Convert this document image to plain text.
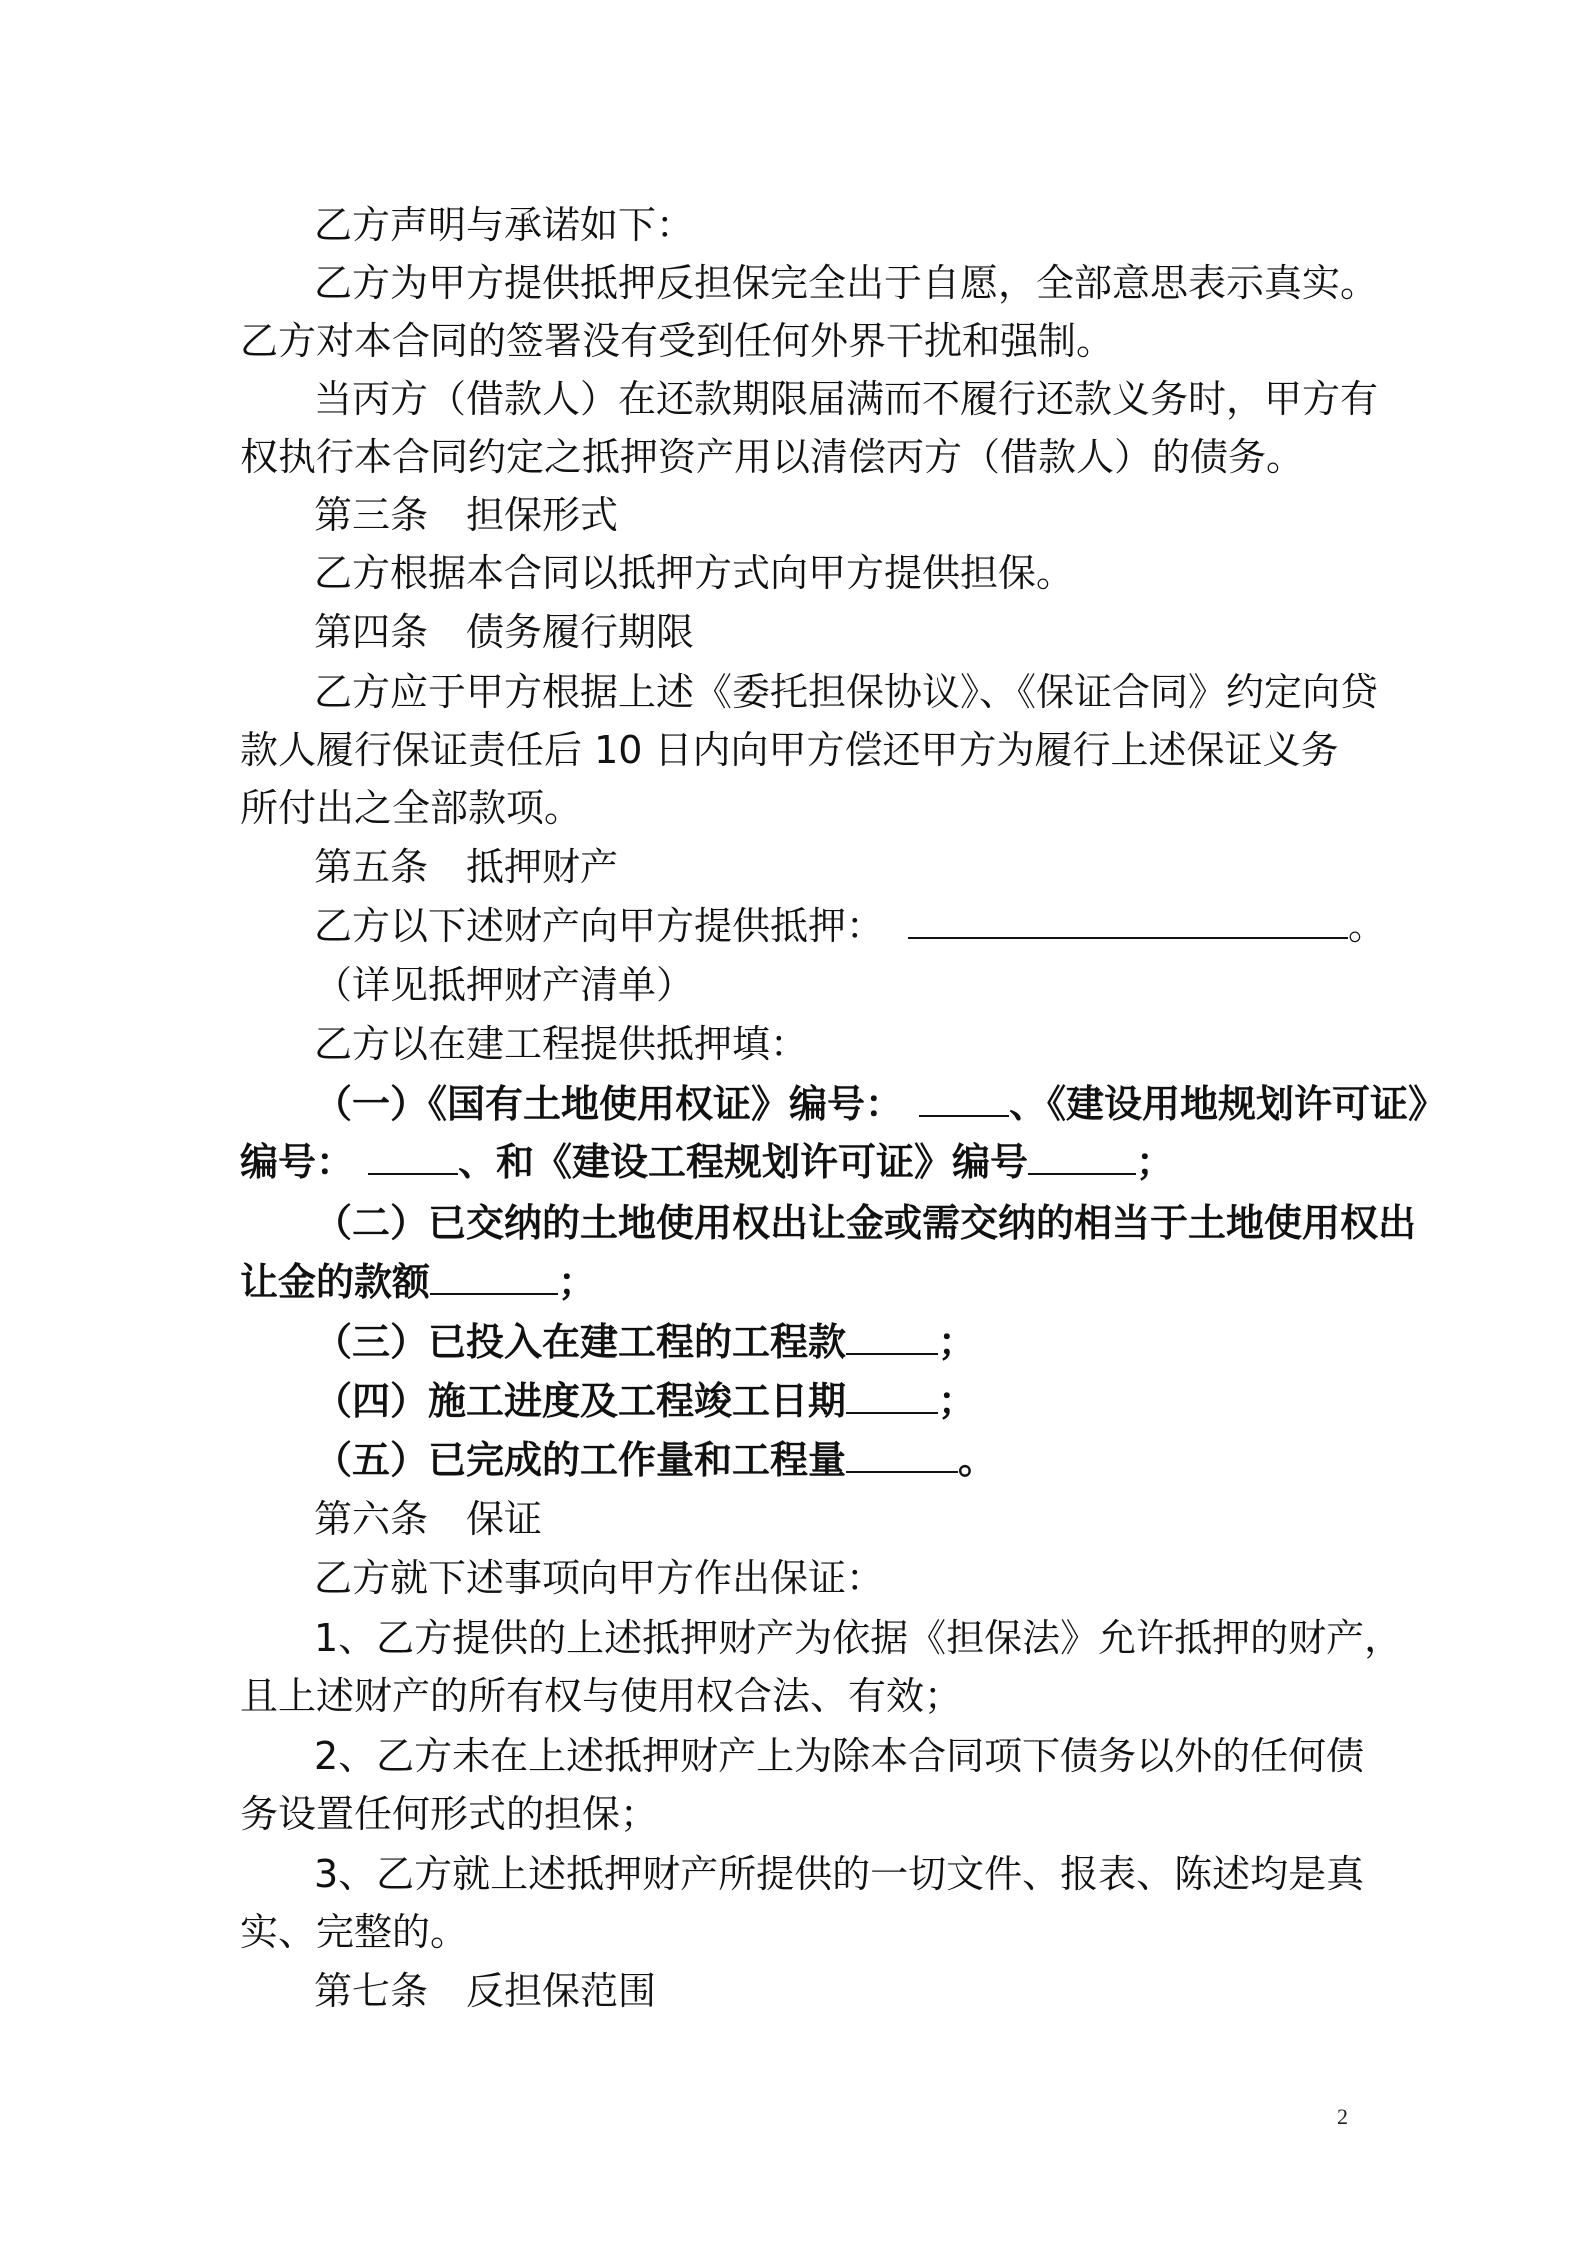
乙方声明与承诺如下：

乙方为甲方提供抵押反担保完全出于自愿，全部意思表示真实。

乙方对本合同的签署没有受到任何外界干扰和强制。

当丙方（借款人）在还款期限届满而不履行还款义务时，甲方有

权执行本合同约定之抵押资产用以清偿丙方（借款人）的债务。

第三条　担保形式

乙方根据本合同以抵押方式向甲方提供担保。

第四条　债务履行期限

乙方应于甲方根据上述《委托担保协议》、《保证合同》约定向贷

款人履行保证责任后 10 日内向甲方偿还甲方为履行上述保证义务

所付出之全部款项。

第五条　抵押财产

乙方以下述财产向甲方提供抵押：	。

（详见抵押财产清单）

乙方以在建工程提供抵押填：

（一）《国有土地使用权证》编号：	、《建设用地规划许可证》

编号：	、和《建设工程规划许可证》编号	；

（二）已交纳的土地使用权出让金或需交纳的相当于土地使用权出

让金的款额	；

（三）已投入在建工程的工程款 ；

（四）施工进度及工程竣工日期 ；

（五）已完成的工作量和工程量	。

第六条　保证

乙方就下述事项向甲方作出保证：

1、乙方提供的上述抵押财产为依据《担保法》允许抵押的财产，

且上述财产的所有权与使用权合法、有效；

2、乙方未在上述抵押财产上为除本合同项下债务以外的任何债

务设置任何形式的担保；

3、乙方就上述抵押财产所提供的一切文件、报表、陈述均是真

实、完整的。

第七条　反担保范围

2
